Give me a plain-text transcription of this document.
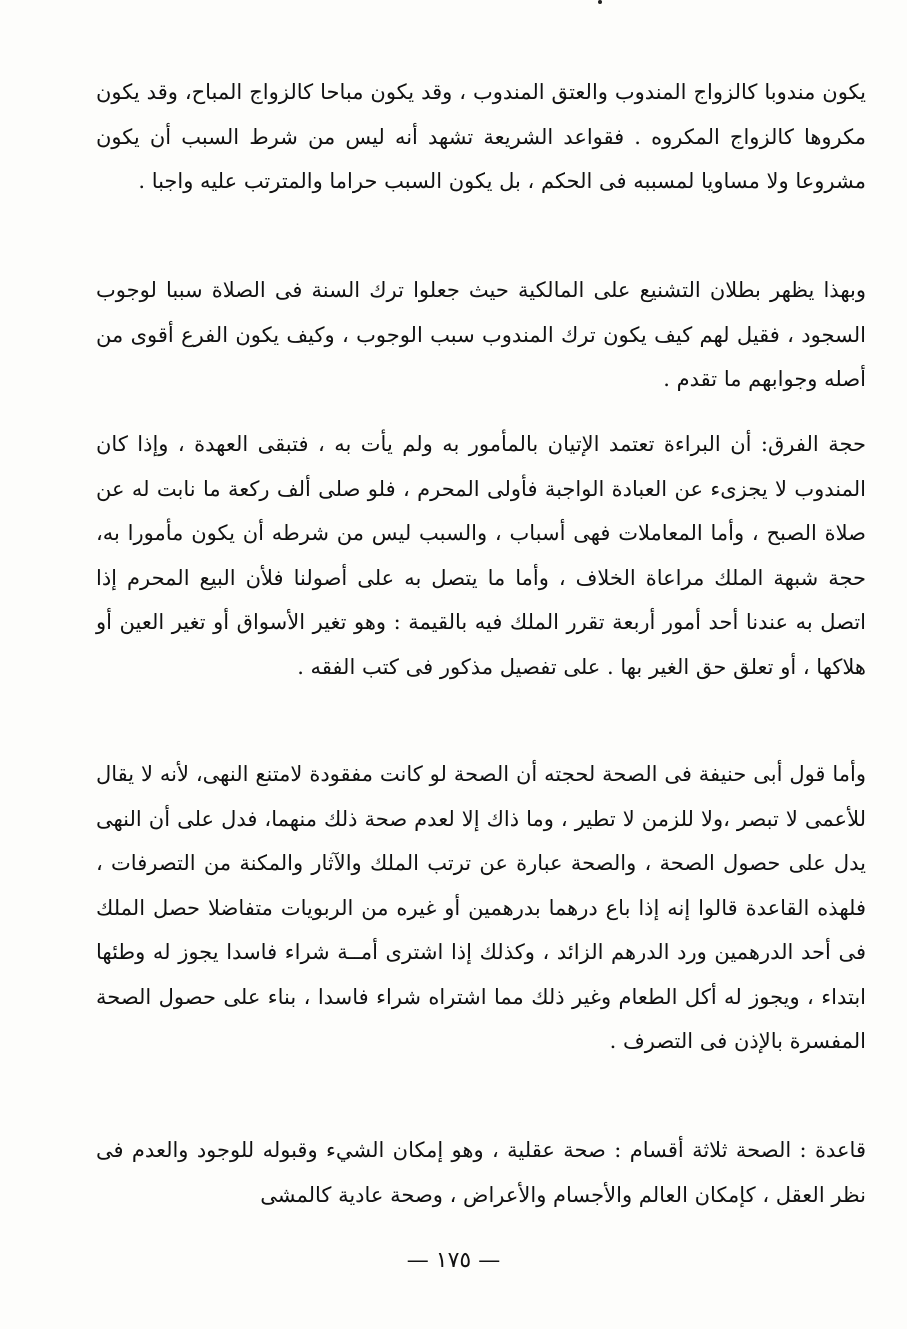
يكون مندوبا كالزواج المندوب والعتق المندوب ، وقد يكون مباحا كالزواج المباح، وقد يكون مكروها كالزواج المكروه . فقواعد الشريعة تشهد أنه ليس من شرط السبب أن يكون مشروعا ولا مساويا لمسببه فى الحكم ، بل يكون السبب حراما والمترتب عليه واجبا .

وبهذا يظهر بطلان التشنيع على المالكية حيث جعلوا ترك السنة فى الصلاة سببا لوجوب السجود ، فقيل لهم كيف يكون ترك المندوب سبب الوجوب ، وكيف يكون الفرع أقوى من أصله وجوابهم ما تقدم .

حجة الفرق: أن البراءة تعتمد الإتيان بالمأمور به ولم يأت به ، فتبقى العهدة ، وإذا كان المندوب لا يجزىء عن العبادة الواجبة فأولى المحرم ، فلو صلى ألف ركعة ما نابت له عن صلاة الصبح ، وأما المعاملات فهى أسباب ، والسبب ليس من شرطه أن يكون مأمورا به، حجة شبهة الملك مراعاة الخلاف ، وأما ما يتصل به على أصولنا فلأن البيع المحرم إذا اتصل به عندنا أحد أمور أربعة تقرر الملك فيه بالقيمة : وهو تغير الأسواق أو تغير العين أو هلاكها ، أو تعلق حق الغير بها . على تفصيل مذكور فى كتب الفقه .

وأما قول أبى حنيفة فى الصحة لحجته أن الصحة لو كانت مفقودة لامتنع النهى، لأنه لا يقال للأعمى لا تبصر ،ولا للزمن لا تطير ، وما ذاك إلا لعدم صحة ذلك منهما، فدل على أن النهى يدل على حصول الصحة ، والصحة عبارة عن ترتب الملك والآثار والمكنة من التصرفات ، فلهذه القاعدة قالوا إنه إذا باع درهما بدرهمين أو غيره من الربويات متفاضلا حصل الملك فى أحد الدرهمين ورد الدرهم الزائد ، وكذلك إذا اشترى أمــة شراء فاسدا يجوز له وطئها ابتداء ، ويجوز له أكل الطعام وغير ذلك مما اشتراه شراء فاسدا ، بناء على حصول الصحة المفسرة بالإذن فى التصرف .

قاعدة : الصحة ثلاثة أقسام : صحة عقلية ، وهو إمكان الشيء وقبوله للوجود والعدم فى نظر العقل ، كإمكان العالم والأجسام والأعراض ، وصحة عادية كالمشى

— ١٧٥ —
